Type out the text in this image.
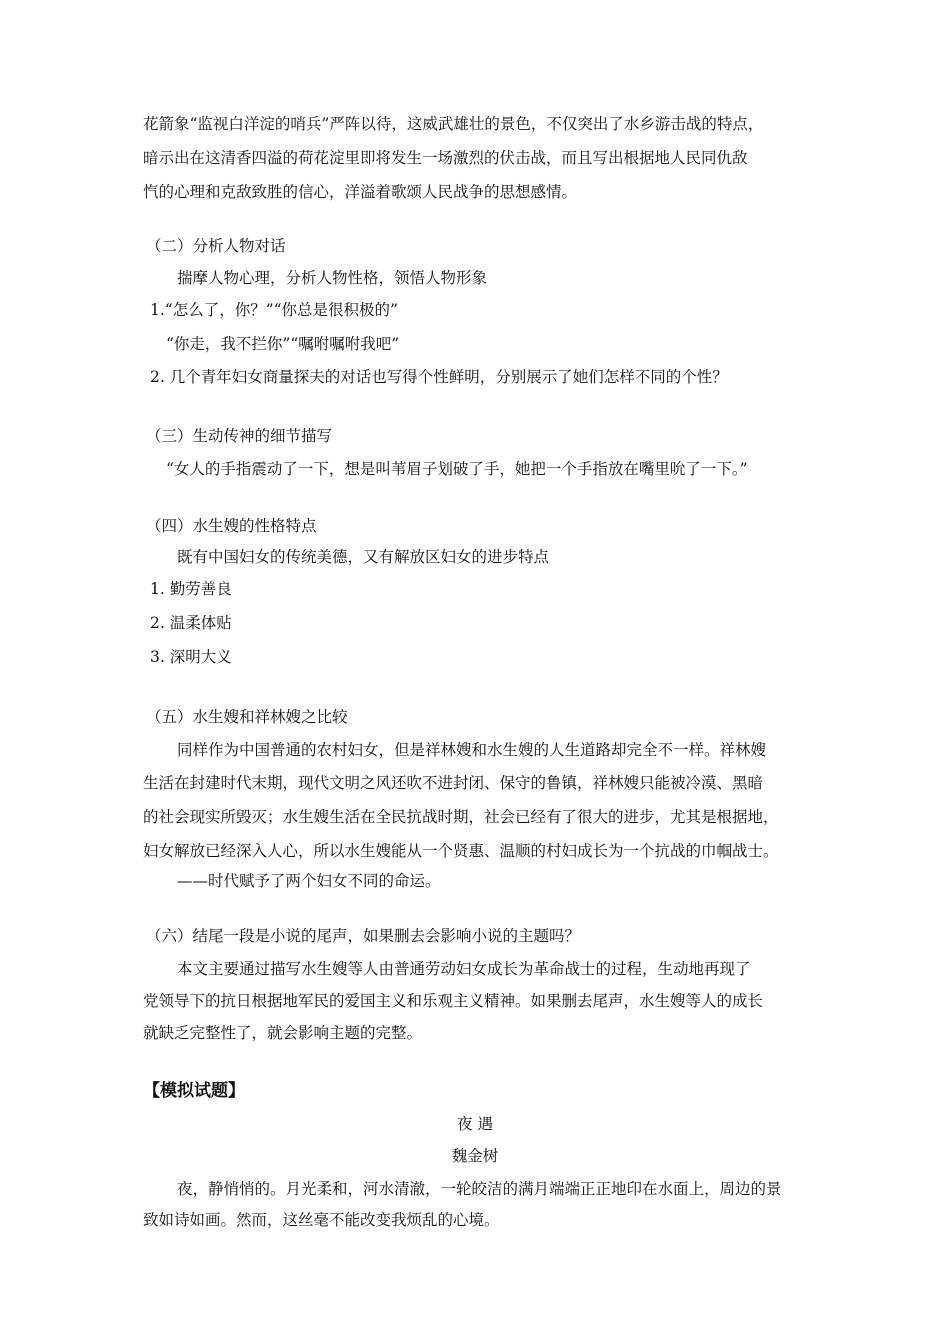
花箭象“监视白洋淀的哨兵”严阵以待，这威武雄壮的景色，不仅突出了水乡游击战的特点，

暗示出在这清香四溢的荷花淀里即将发生一场激烈的伏击战，而且写出根据地人民同仇敌

忾的心理和克敌致胜的信心，洋溢着歌颂人民战争的思想感情。

（二）分析人物对话

揣摩人物心理，分析人物性格，领悟人物形象

1.“怎么了，你？”“你总是很积极的”

“你走，我不拦你”“嘱咐嘱咐我吧”

2. 几个青年妇女商量探夫的对话也写得个性鲜明，分别展示了她们怎样不同的个性？

（三）生动传神的细节描写

“女人的手指震动了一下，想是叫苇眉子划破了手，她把一个手指放在嘴里吮了一下。”

（四）水生嫂的性格特点

既有中国妇女的传统美德，又有解放区妇女的进步特点

1. 勤劳善良

2. 温柔体贴

3. 深明大义

（五）水生嫂和祥林嫂之比较

同样作为中国普通的农村妇女，但是祥林嫂和水生嫂的人生道路却完全不一样。祥林嫂

生活在封建时代末期，现代文明之风还吹不进封闭、保守的鲁镇，祥林嫂只能被冷漠、黑暗

的社会现实所毁灭；水生嫂生活在全民抗战时期，社会已经有了很大的进步，尤其是根据地，

妇女解放已经深入人心，所以水生嫂能从一个贤惠、温顺的村妇成长为一个抗战的巾帼战士。

——时代赋予了两个妇女不同的命运。

（六）结尾一段是小说的尾声，如果删去会影响小说的主题吗？

本文主要通过描写水生嫂等人由普通劳动妇女成长为革命战士的过程，生动地再现了

党领导下的抗日根据地军民的爱国主义和乐观主义精神。如果删去尾声，水生嫂等人的成长

就缺乏完整性了，就会影响主题的完整。

【模拟试题】

夜 遇

魏金树

夜，静悄悄的。月光柔和，河水清澈，一轮皎洁的满月端端正正地印在水面上，周边的景

致如诗如画。然而，这丝毫不能改变我烦乱的心境。
